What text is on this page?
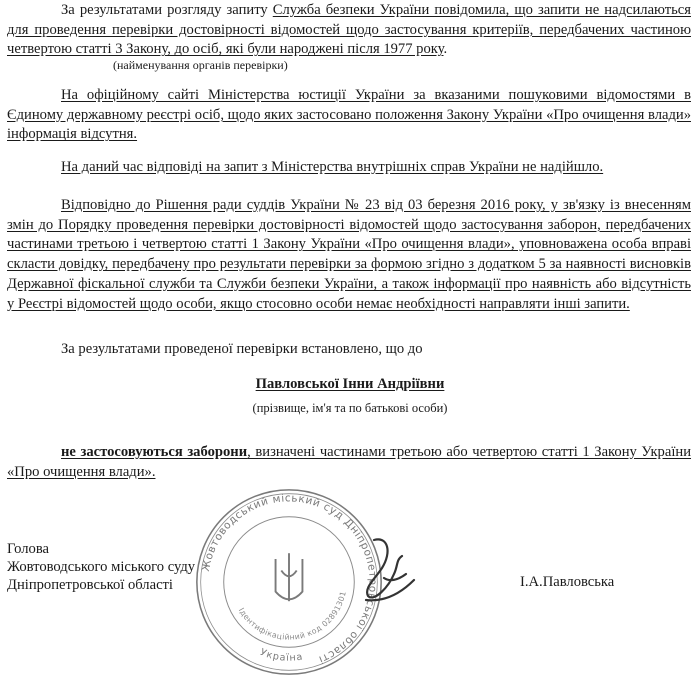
За результатами розгляду запиту Служба безпеки України повідомила, що запити не надсилаються для проведення перевірки достовірності відомостей щодо застосування критеріїв, передбачених частиною четвертою статті 3 Закону, до осіб, які були народжені після 1977 року.

(найменування органів перевірки)

На офіційному сайті Міністерства юстиції України за вказаними пошуковими відомостями в Єдиному державному реєстрі осіб, щодо яких застосовано положення Закону України «Про очищення влади» інформація відсутня.

На даний час відповіді на запит з Міністерства внутрішніх справ України не надійшло.

Відповідно до Рішення ради суддів України № 23 від 03 березня 2016 року, у зв'язку із внесенням змін до Порядку проведення перевірки достовірності відомостей щодо застосування заборон, передбачених частинами третьою і четвертою статті 1 Закону України «Про очищення влади», уповноважена особа вправі скласти довідку, передбачену про результати перевірки за формою згідно з додатком 5 за наявності висновків Державної фіскальної служби та Служби безпеки України, а також інформації про наявність або відсутність у Реєстрі відомостей щодо особи, якщо стосовно особи немає необхідності направляти інші запити.

За результатами проведеної перевірки встановлено, що до

Павловської Інни Андріївни

(прізвище, ім'я та по батькові особи)

не застосовуються заборони, визначені частинами третьою або четвертою статті 1 Закону України «Про очищення влади».

Жовтоводський міський суд Дніпропетровської області
Україна
Ідентифікаційний код 02891301

Голова

Жовтоводського міського суду

Дніпропетровської області	І.А.Павловська
